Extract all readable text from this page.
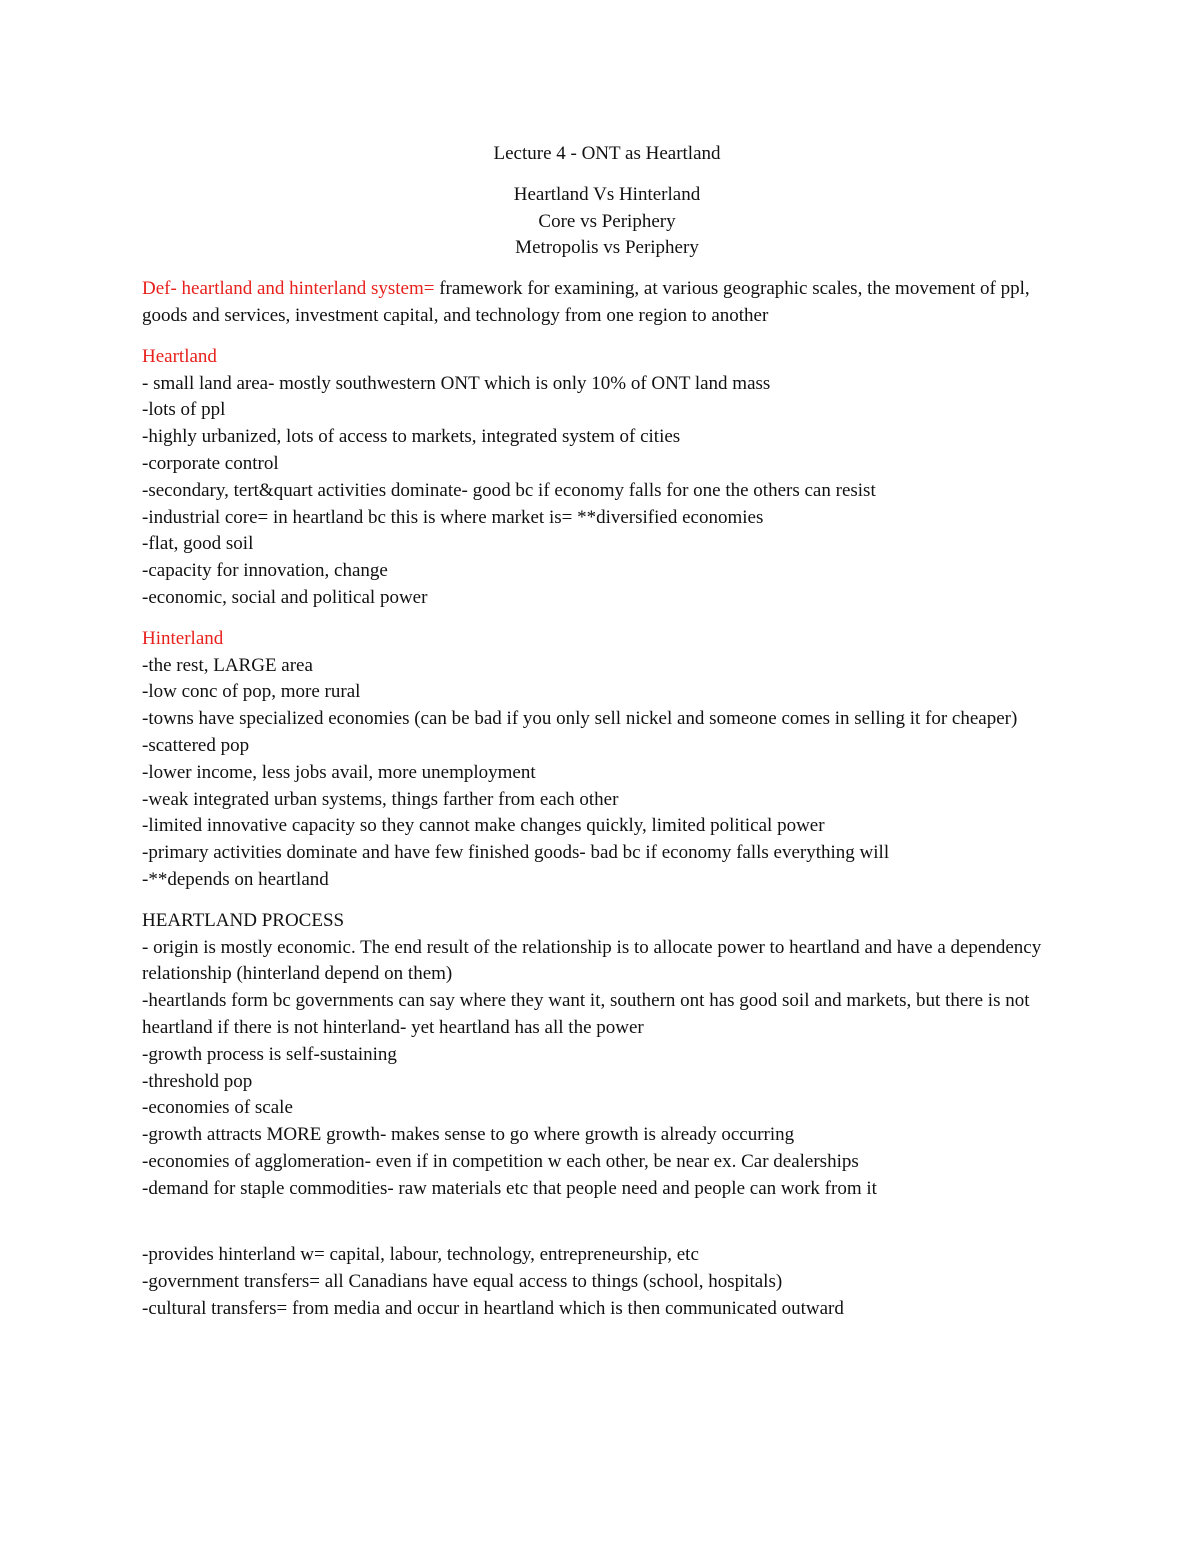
Lecture 4 - ONT as Heartland
Heartland Vs Hinterland
Core vs Periphery
Metropolis vs Periphery
Def- heartland and hinterland system= framework for examining, at various geographic scales, the movement of ppl, goods and services, investment capital, and technology from one region to another
Heartland
- small land area- mostly southwestern ONT which is only 10% of ONT land mass
-lots of ppl
-highly urbanized, lots of access to markets, integrated system of cities
-corporate control
-secondary, tert&quart activities dominate- good bc if economy falls for one the others can resist
-industrial core= in heartland bc this is where market is= **diversified economies
-flat, good soil
-capacity for innovation, change
-economic, social and political power
Hinterland
-the rest, LARGE area
-low conc of pop, more rural
-towns have specialized economies (can be bad if you only sell nickel and someone comes in selling it for cheaper)
-scattered pop
-lower income, less jobs avail, more unemployment
-weak integrated urban systems, things farther from each other
-limited innovative capacity so they cannot make changes quickly, limited political power
-primary activities dominate and have few finished goods- bad bc if economy falls everything will
-**depends on heartland
HEARTLAND PROCESS
- origin is mostly economic. The end result of the relationship is to allocate power to heartland and have a dependency relationship (hinterland depend on them)
-heartlands form bc governments can say where they want it, southern ont has good soil and markets, but there is not heartland if there is not hinterland- yet heartland has all the power
-growth process is self-sustaining
-threshold pop
-economies of scale
-growth attracts MORE growth- makes sense to go where growth is already occurring
-economies of agglomeration- even if in competition w each other, be near ex. Car dealerships
-demand for staple commodities- raw materials etc that people need and people can work from it
-provides hinterland w= capital, labour, technology, entrepreneurship, etc
-government transfers= all Canadians have equal access to things (school, hospitals)
-cultural transfers= from media and occur in heartland which is then communicated outward
